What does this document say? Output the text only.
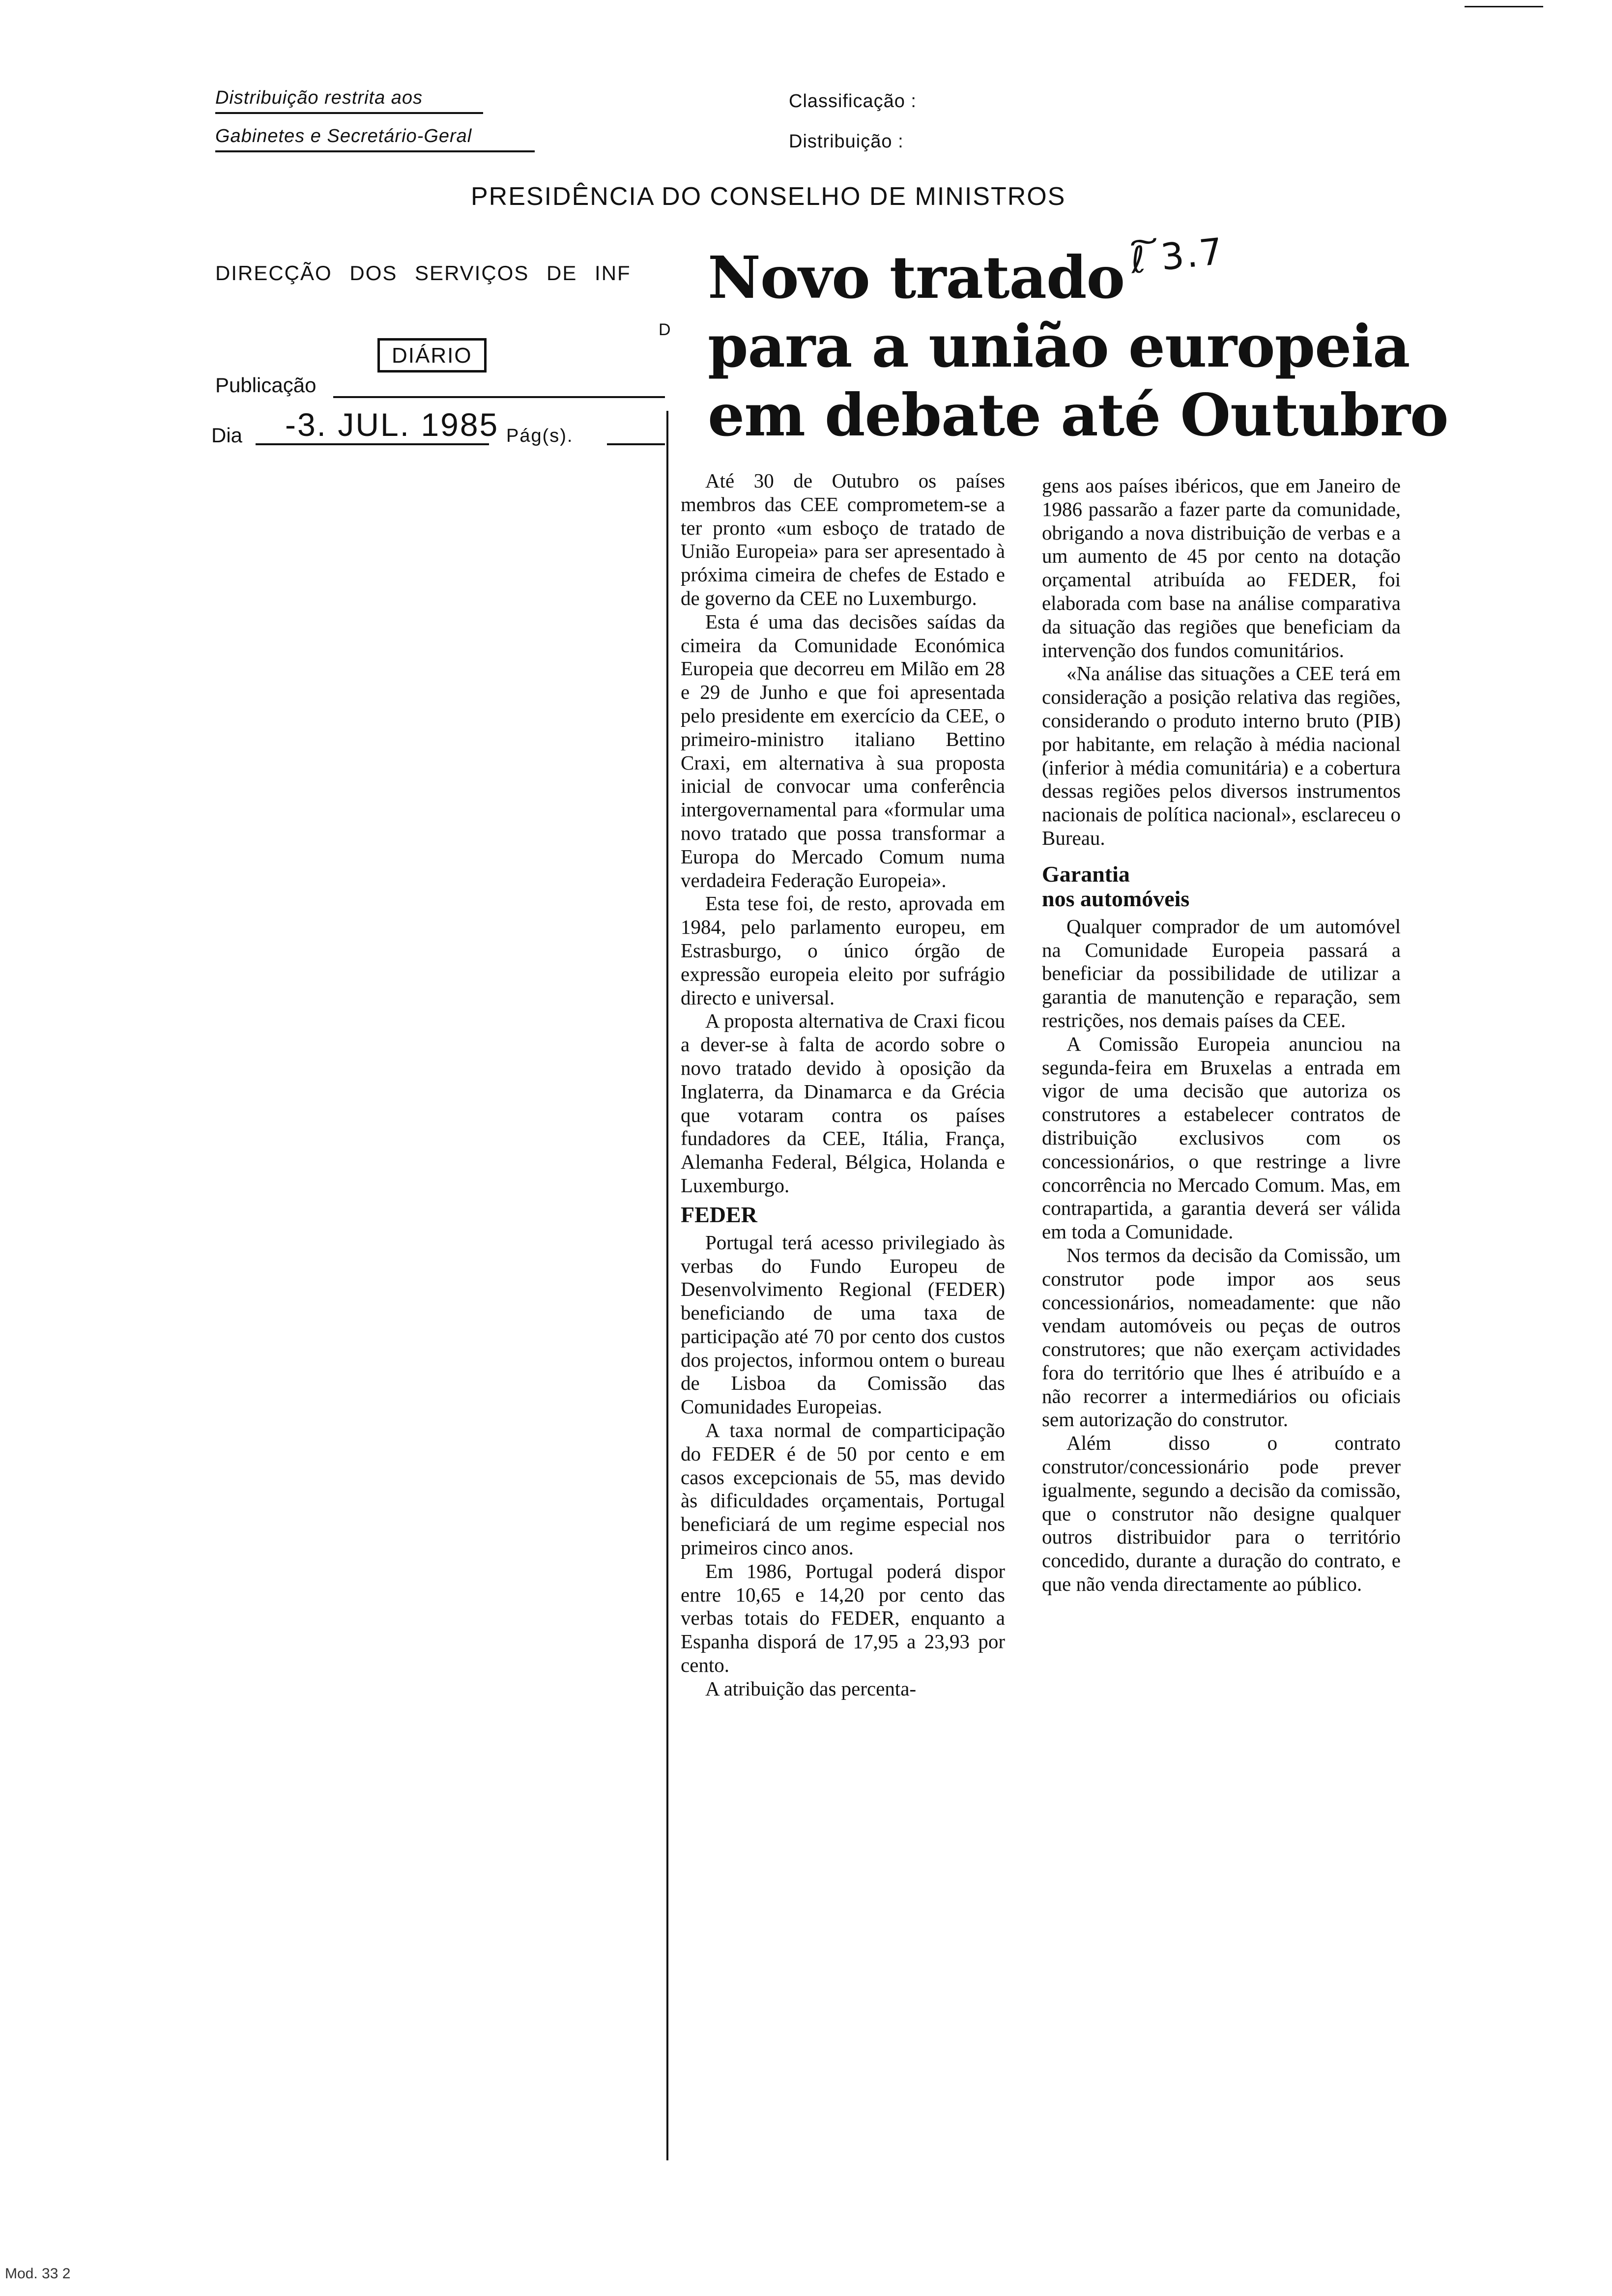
Distribuição restrita aos
Gabinetes e Secretário-Geral
Classificação :
Distribuição :
PRESIDÊNCIA DO CONSELHO DE MINISTROS
DIRECÇÃO DOS SERVIÇOS DE INF
D
Publicação
DIÁRIO
Dia -3. JUL. 1985 Pág(s).
Novo tratado
para a união europeia
em debate até Outubro
ℓ͠ 3.7

Até 30 de Outubro os países membros das CEE comprometem-se a ter pronto «um esboço de tratado de União Europeia» para ser apresentado à próxima cimeira de chefes de Estado e de governo da CEE no Luxemburgo.

Esta é uma das decisões saídas da cimeira da Comunidade Económica Europeia que decorreu em Milão em 28 e 29 de Junho e que foi apresentada pelo presidente em exercício da CEE, o primeiro-ministro italiano Bettino Craxi, em alternativa à sua proposta inicial de convocar uma conferência intergovernamental para «formular uma novo tratado que possa transformar a Europa do Mercado Comum numa verdadeira Federação Europeia».

Esta tese foi, de resto, aprovada em 1984, pelo parlamento europeu, em Estrasburgo, o único órgão de expressão europeia eleito por sufrágio directo e universal.

A proposta alternativa de Craxi ficou a dever-se à falta de acordo sobre o novo tratado devido à oposição da Inglaterra, da Dinamarca e da Grécia que votaram contra os países fundadores da CEE, Itália, França, Alemanha Federal, Bélgica, Holanda e Luxemburgo.

FEDER

Portugal terá acesso privilegiado às verbas do Fundo Europeu de Desenvolvimento Regional (FEDER) beneficiando de uma taxa de participação até 70 por cento dos custos dos projectos, informou ontem o bureau de Lisboa da Comissão das Comunidades Europeias.

A taxa normal de comparticipação do FEDER é de 50 por cento e em casos excepcionais de 55, mas devido às dificuldades orçamentais, Portugal beneficiará de um regime especial nos primeiros cinco anos.

Em 1986, Portugal poderá dispor entre 10,65 e 14,20 por cento das verbas totais do FEDER, enquanto a Espanha disporá de 17,95 a 23,93 por cento.

A atribuição das percenta-

gens aos países ibéricos, que em Janeiro de 1986 passarão a fazer parte da comunidade, obrigando a nova distribuição de verbas e a um aumento de 45 por cento na dotação orçamental atribuída ao FEDER, foi elaborada com base na análise comparativa da situação das regiões que beneficiam da intervenção dos fundos comunitários.

«Na análise das situações a CEE terá em consideração a posição relativa das regiões, considerando o produto interno bruto (PIB) por habitante, em relação à média nacional (inferior à média comunitária) e a cobertura dessas regiões pelos diversos instrumentos nacionais de política nacional», esclareceu o Bureau.

Garantia
nos automóveis

Qualquer comprador de um automóvel na Comunidade Europeia passará a beneficiar da possibilidade de utilizar a garantia de manutenção e reparação, sem restrições, nos demais países da CEE.

A Comissão Europeia anunciou na segunda-feira em Bruxelas a entrada em vigor de uma decisão que autoriza os construtores a estabelecer contratos de distribuição exclusivos com os concessionários, o que restringe a livre concorrência no Mercado Comum. Mas, em contrapartida, a garantia deverá ser válida em toda a Comunidade.

Nos termos da decisão da Comissão, um construtor pode impor aos seus concessionários, nomeadamente: que não vendam automóveis ou peças de outros construtores; que não exerçam actividades fora do território que lhes é atribuído e a não recorrer a intermediários ou oficiais sem autorização do construtor.

Além disso o contrato construtor/concessionário pode prever igualmente, segundo a decisão da comissão, que o construtor não designe qualquer outros distribuidor para o território concedido, durante a duração do contrato, e que não venda directamente ao público.

Mod. 33 2
